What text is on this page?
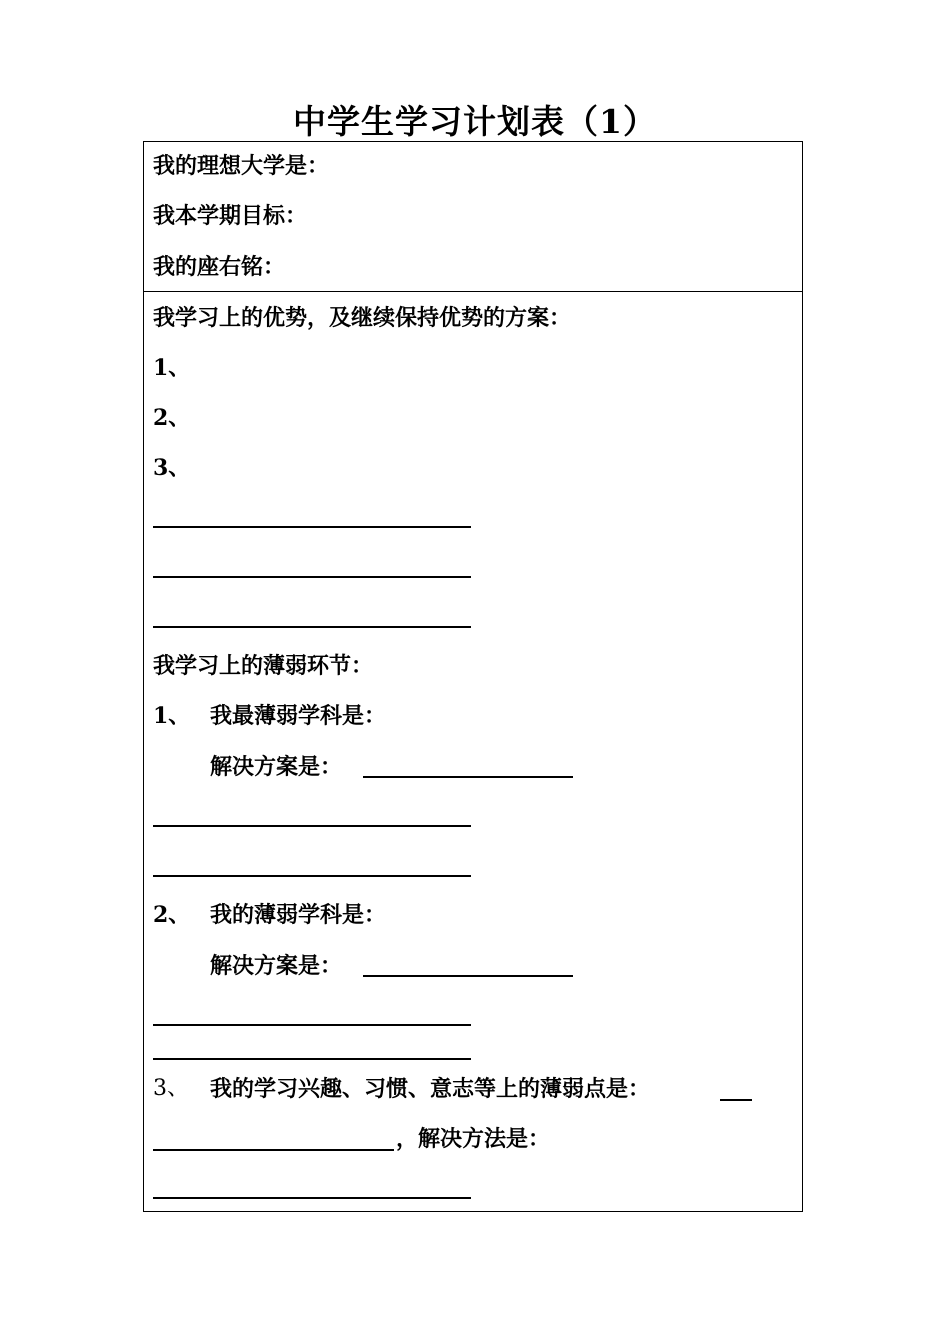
中学生学习计划表（1）
我的理想大学是：
我本学期目标：
我的座右铭：
我学习上的优势，及继续保持优势的方案：
1、
2、
3、
我学习上的薄弱环节：
1、 我最薄弱学科是：
解决方案是：
2、 我的薄弱学科是：
解决方案是：
3、 我的学习兴趣、习惯、意志等上的薄弱点是：
，解决方法是：
